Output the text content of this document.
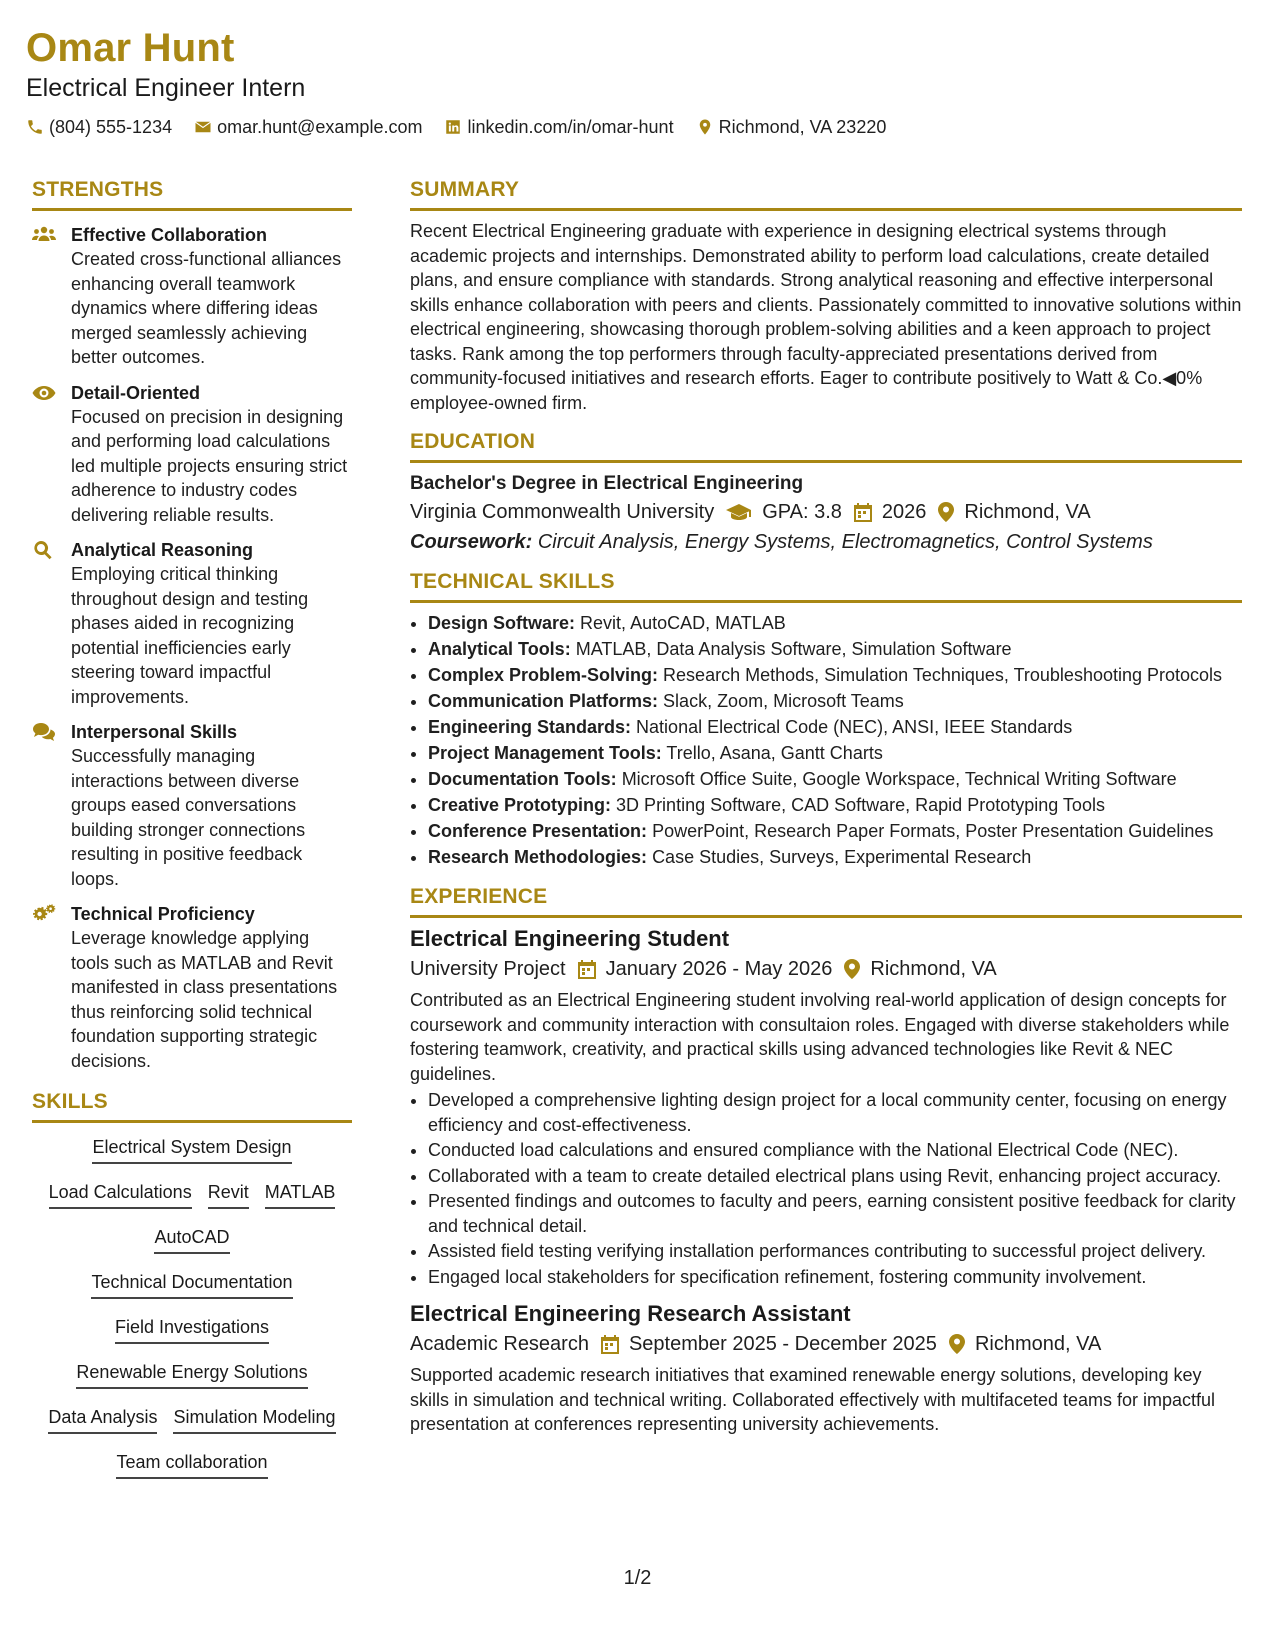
Omar Hunt
Electrical Engineer Intern
(804) 555-1234	omar.hunt@example.com	linkedin.com/in/omar-hunt	Richmond, VA 23220
STRENGTHS
Effective Collaboration
Created cross-functional alliances enhancing overall teamwork dynamics where differing ideas merged seamlessly achieving better outcomes.
Detail-Oriented
Focused on precision in designing and performing load calculations led multiple projects ensuring strict adherence to industry codes delivering reliable results.
Analytical Reasoning
Employing critical thinking throughout design and testing phases aided in recognizing potential inefficiencies early steering toward impactful improvements.
Interpersonal Skills
Successfully managing interactions between diverse groups eased conversations building stronger connections resulting in positive feedback loops.
Technical Proficiency
Leverage knowledge applying tools such as MATLAB and Revit manifested in class presentations thus reinforcing solid technical foundation supporting strategic decisions.
SKILLS
Electrical System Design
Load Calculations Revit MATLAB
AutoCAD
Technical Documentation
Field Investigations
Renewable Energy Solutions
Data Analysis Simulation Modeling
Team collaboration
SUMMARY

Recent Electrical Engineering graduate with experience in designing electrical systems through academic projects and internships. Demonstrated ability to perform load calculations, create detailed plans, and ensure compliance with standards. Strong analytical reasoning and effective interpersonal skills enhance collaboration with peers and clients. Passionately committed to innovative solutions within electrical engineering, showcasing thorough problem-solving abilities and a keen approach to project tasks. Rank among the top performers through faculty-appreciated presentations derived from community-focused initiatives and research efforts. Eager to contribute positively to Watt & Co.◀0% employee-owned firm.

EDUCATION
Bachelor's Degree in Electrical Engineering
Virginia Commonwealth University GPA: 3.8 2026 Richmond, VA
Coursework: Circuit Analysis, Energy Systems, Electromagnetics, Control Systems
TECHNICAL SKILLS
• Design Software: Revit, AutoCAD, MATLAB
• Analytical Tools: MATLAB, Data Analysis Software, Simulation Software
• Complex Problem-Solving: Research Methods, Simulation Techniques, Troubleshooting Protocols
• Communication Platforms: Slack, Zoom, Microsoft Teams
• Engineering Standards: National Electrical Code (NEC), ANSI, IEEE Standards
• Project Management Tools: Trello, Asana, Gantt Charts
• Documentation Tools: Microsoft Office Suite, Google Workspace, Technical Writing Software
• Creative Prototyping: 3D Printing Software, CAD Software, Rapid Prototyping Tools
• Conference Presentation: PowerPoint, Research Paper Formats, Poster Presentation Guidelines
• Research Methodologies: Case Studies, Surveys, Experimental Research
EXPERIENCE
Electrical Engineering Student
University Project January 2026 - May 2026 Richmond, VA
Contributed as an Electrical Engineering student involving real-world application of design concepts for coursework and community interaction with consultaion roles. Engaged with diverse stakeholders while fostering teamwork, creativity, and practical skills using advanced technologies like Revit & NEC guidelines.
• Developed a comprehensive lighting design project for a local community center, focusing on energy efficiency and cost-effectiveness.
• Conducted load calculations and ensured compliance with the National Electrical Code (NEC).
• Collaborated with a team to create detailed electrical plans using Revit, enhancing project accuracy.
• Presented findings and outcomes to faculty and peers, earning consistent positive feedback for clarity and technical detail.
• Assisted field testing verifying installation performances contributing to successful project delivery.
• Engaged local stakeholders for specification refinement, fostering community involvement.
Electrical Engineering Research Assistant
Academic Research September 2025 - December 2025 Richmond, VA
Supported academic research initiatives that examined renewable energy solutions, developing key skills in simulation and technical writing. Collaborated effectively with multifaceted teams for impactful presentation at conferences representing university achievements.
1/2
